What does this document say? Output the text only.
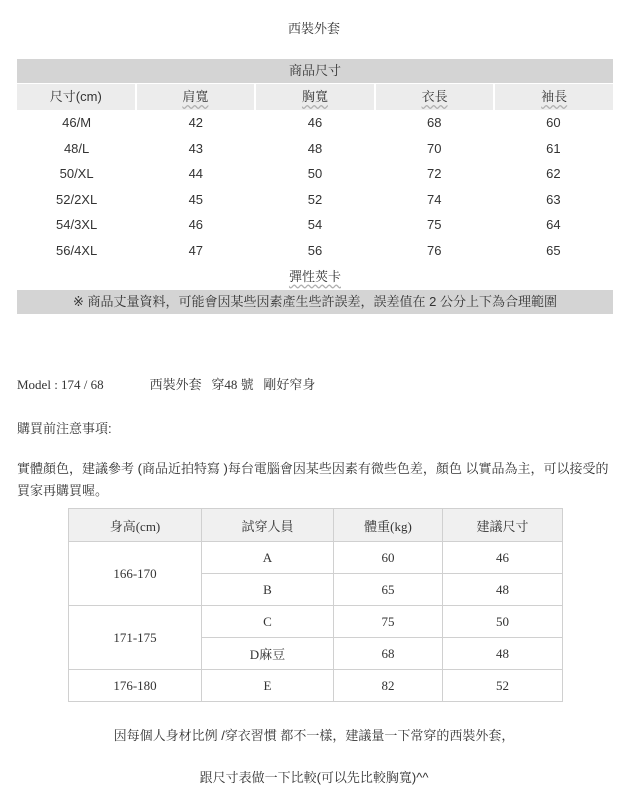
西裝外套
商品尺寸
尺寸(cm)	肩寬	胸寬	衣長	袖長
46/M	42	46	68	60
48/L	43	48	70	61
50/XL	44	50	72	62
52/2XL	45	52	74	63
54/3XL	46	54	75	64
56/4XL	47	56	76	65
彈性莢卡
※ 商品丈量資料，可能會因某些因素產生些許誤差，誤差值在 2 公分上下為合理範圍
Model : 174 / 68	西裝外套   穿48 號   剛好窄身
購買前注意事項:
實體顏色，建議參考 (商品近拍特寫 )每台電腦會因某些因素有微些色差，顏色 以實品為主，可以接受的買家再購買喔。
身高(cm)	試穿人員	體重(kg)	建議尺寸
166-170	A	60	46
	B	65	48
171-175	C	75	50
	D麻豆	68	48
176-180	E	82	52
因每個人身材比例 /穿衣習慣 都不一樣，建議量一下常穿的西裝外套，
跟尺寸表做一下比較(可以先比較胸寬)^^
